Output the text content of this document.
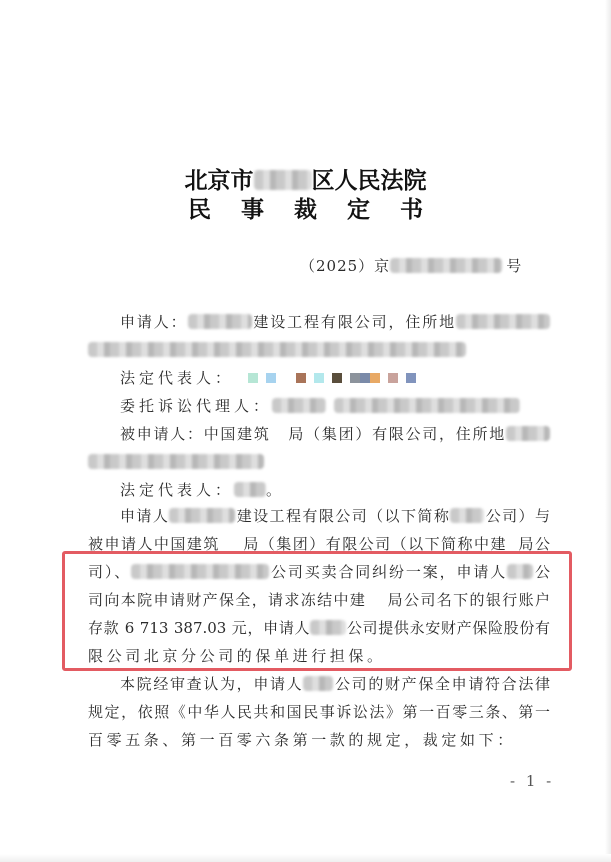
北京市	区人民法院
民 事 裁 定 书
（2025）京	号
申请人：	建设工程有限公司，住所地
法定代表人：
委托诉讼代理人：
被申请人：中国建筑 局（集团）有限公司，住所地
法定代表人： 。
申请人	建设工程有限公司（以下简称 公司）与
被申请人中国建筑 局（集团）有限公司（以下简称中建 局公
司）、	公司买卖合同纠纷一案，申请人 公
司向本院申请财产保全，请求冻结中建 局公司名下的银行账户
存款 6 713 387.03 元，申请人 公司提供永安财产保险股份有
限公司北京分公司的保单进行担保。
本院经审查认为，申请人 公司的财产保全申请符合法律
规定，依照《中华人民共和国民事诉讼法》第一百零三条、第一
百零五条、第一百零六条第一款的规定，裁定如下：
- 1 -
